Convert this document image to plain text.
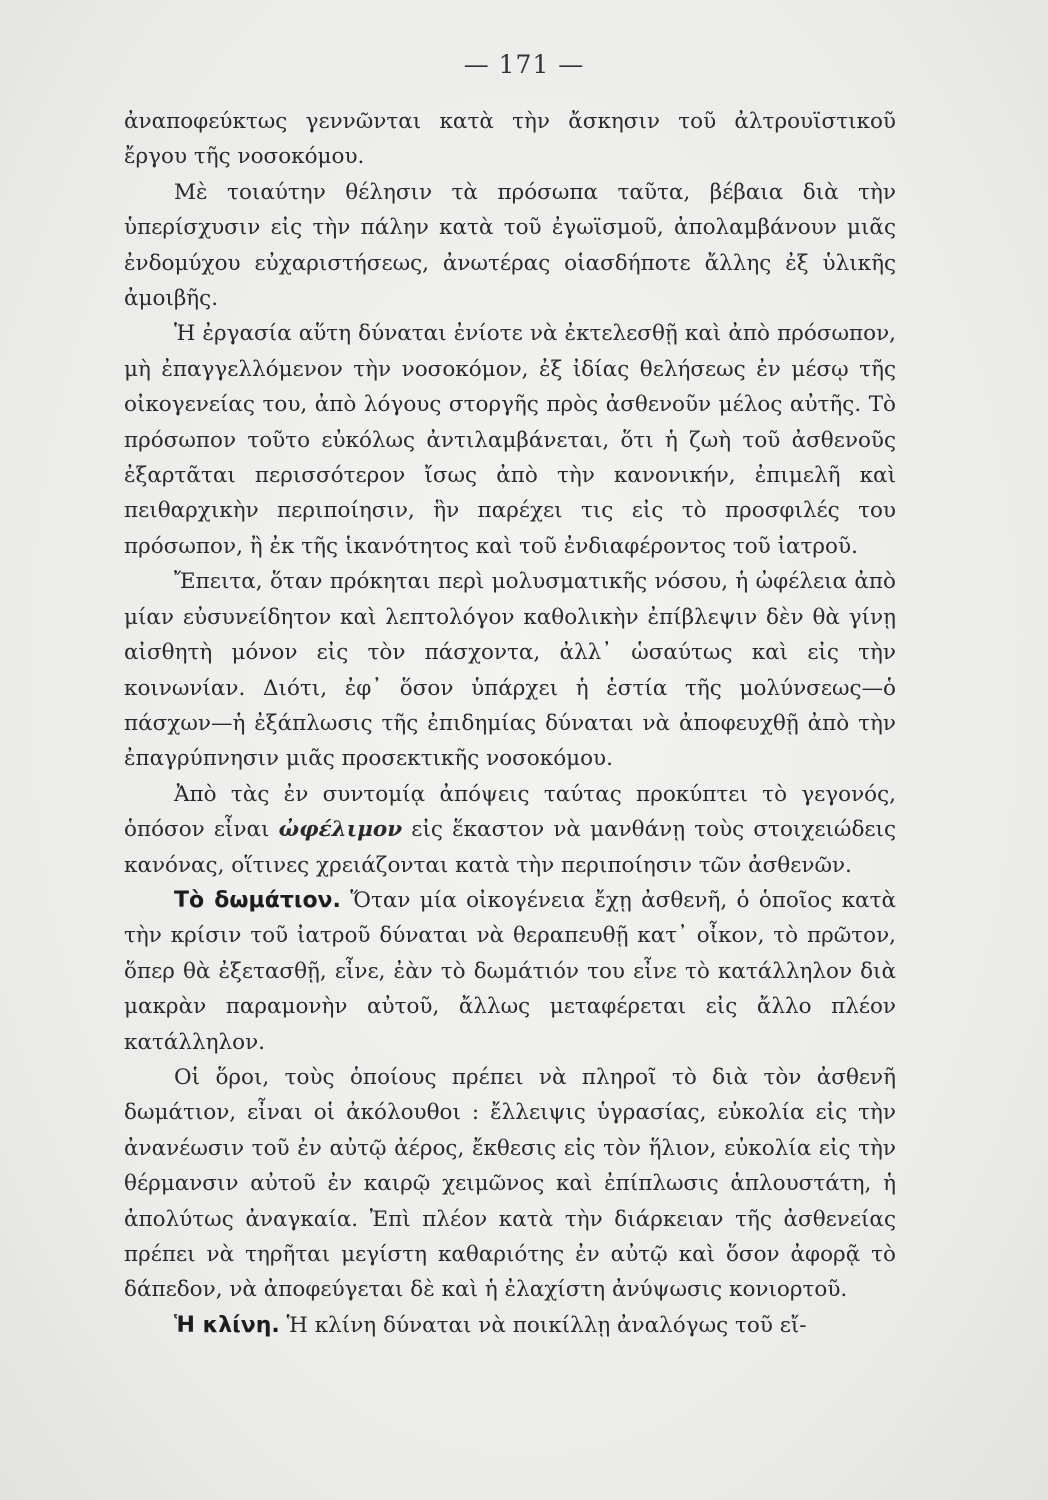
— 171 —

ἀναποφεύκτως γεννῶνται κατὰ τὴν ἄσκησιν τοῦ ἀλτρουϊστικοῦ ἔργου τῆς νοσοκόμου.

Μὲ τοιαύτην θέλησιν τὰ πρόσωπα ταῦτα, βέβαια διὰ τὴν ὑπερίσχυσιν εἰς τὴν πάλην κατὰ τοῦ ἐγωϊσμοῦ, ἀπολαμβάνουν μιᾶς ἐνδομύχου εὐχαριστήσεως, ἀνωτέρας οἱασδήποτε ἄλλης ἐξ ὑλικῆς ἀμοιβῆς.

Ἡ ἐργασία αὕτη δύναται ἐνίοτε νὰ ἐκτελεσθῇ καὶ ἀπὸ πρόσωπον, μὴ ἐπαγγελλόμενον τὴν νοσοκόμον, ἐξ ἰδίας θελήσεως ἐν μέσῳ τῆς οἰκογενείας του, ἀπὸ λόγους στοργῆς πρὸς ἀσθενοῦν μέλος αὐτῆς. Τὸ πρόσωπον τοῦτο εὐκόλως ἀντιλαμβάνεται, ὅτι ἡ ζωὴ τοῦ ἀσθενοῦς ἐξαρτᾶται περισσότερον ἴσως ἀπὸ τὴν κανονικήν, ἐπιμελῆ καὶ πειθαρχικὴν περιποίησιν, ἣν παρέχει τις εἰς τὸ προσφιλές του πρόσωπον, ἢ ἐκ τῆς ἱκανότητος καὶ τοῦ ἐνδιαφέροντος τοῦ ἰατροῦ.

Ἔπειτα, ὅταν πρόκηται περὶ μολυσματικῆς νόσου, ἡ ὠφέλεια ἀπὸ μίαν εὐσυνείδητον καὶ λεπτολόγον καθολικὴν ἐπίβλεψιν δὲν θὰ γίνῃ αἰσθητὴ μόνον εἰς τὸν πάσχοντα, ἀλλ᾽ ὡσαύτως καὶ εἰς τὴν κοινωνίαν. Διότι, ἐφ᾽ ὅσον ὑπάρχει ἡ ἑστία τῆς μολύνσεως—ὁ πάσχων—ἡ ἐξάπλωσις τῆς ἐπιδημίας δύναται νὰ ἀποφευχθῇ ἀπὸ τὴν ἐπαγρύπνησιν μιᾶς προσεκτικῆς νοσοκόμου.

Ἀπὸ τὰς ἐν συντομίᾳ ἀπόψεις ταύτας προκύπτει τὸ γεγονός, ὁπόσον εἶναι ὠφέλιμον εἰς ἕκαστον νὰ μανθάνῃ τοὺς στοιχειώδεις κανόνας, οἵτινες χρειάζονται κατὰ τὴν περιποίησιν τῶν ἀσθενῶν.

Τὸ δωμάτιον. Ὅταν μία οἰκογένεια ἔχῃ ἀσθενῆ, ὁ ὁποῖος κατὰ τὴν κρίσιν τοῦ ἰατροῦ δύναται νὰ θεραπευθῇ κατ᾽ οἶκον, τὸ πρῶτον, ὅπερ θὰ ἐξετασθῇ, εἶνε, ἐὰν τὸ δωμάτιόν του εἶνε τὸ κατάλληλον διὰ μακρὰν παραμονὴν αὐτοῦ, ἄλλως μεταφέρεται εἰς ἄλλο πλέον κατάλληλον.

Οἱ ὅροι, τοὺς ὁποίους πρέπει νὰ πληροῖ τὸ διὰ τὸν ἀσθενῆ δωμάτιον, εἶναι οἱ ἀκόλουθοι : ἔλλειψις ὑγρασίας, εὐκολία εἰς τὴν ἀνανέωσιν τοῦ ἐν αὐτῷ ἀέρος, ἔκθεσις εἰς τὸν ἥλιον, εὐκολία εἰς τὴν θέρμανσιν αὐτοῦ ἐν καιρῷ χειμῶνος καὶ ἐπίπλωσις ἁπλουστάτη, ἡ ἀπολύτως ἀναγκαία. Ἐπὶ πλέον κατὰ τὴν διάρκειαν τῆς ἀσθενείας πρέπει νὰ τηρῆται μεγίστη καθαριότης ἐν αὐτῷ καὶ ὅσον ἀφορᾷ τὸ δάπεδον, νὰ ἀποφεύγεται δὲ καὶ ἡ ἐλαχίστη ἀνύψωσις κονιορτοῦ.

Ἡ κλίνη. Ἡ κλίνη δύναται νὰ ποικίλλῃ ἀναλόγως τοῦ εἴ-
